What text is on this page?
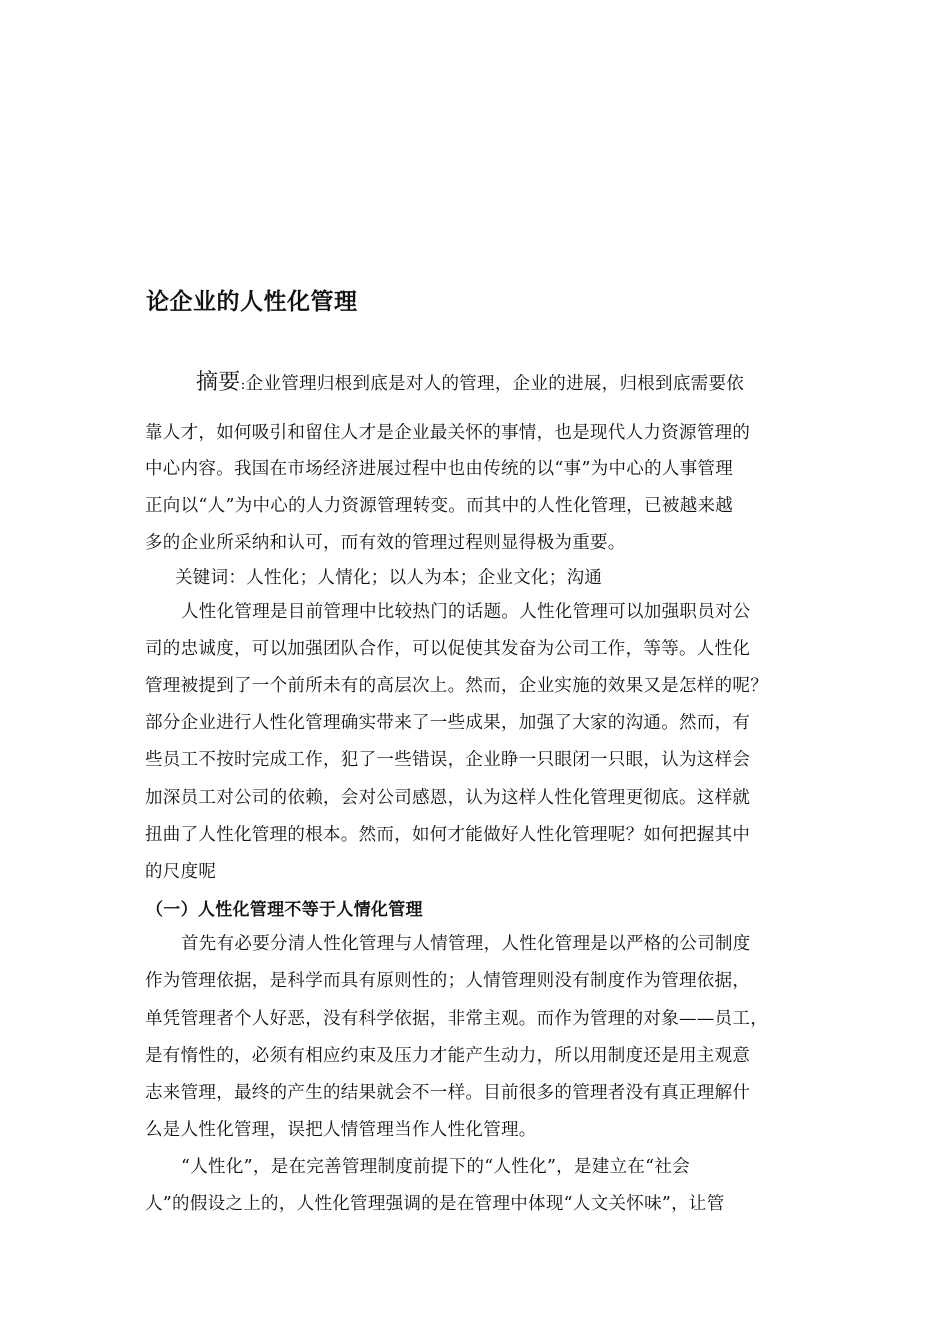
论企业的人性化管理
摘要:企业管理归根到底是对人的管理，企业的进展，归根到底需要依
靠人才，如何吸引和留住人才是企业最关怀的事情，也是现代人力资源管理的
中心内容。我国在市场经济进展过程中也由传统的以“事”为中心的人事管理
正向以“人”为中心的人力资源管理转变。而其中的人性化管理，已被越来越
多的企业所采纳和认可，而有效的管理过程则显得极为重要。
关键词：人性化；人情化；以人为本；企业文化；沟通
人性化管理是目前管理中比较热门的话题。人性化管理可以加强职员对公
司的忠诚度，可以加强团队合作，可以促使其发奋为公司工作，等等。人性化
管理被提到了一个前所未有的高层次上。然而，企业实施的效果又是怎样的呢？
部分企业进行人性化管理确实带来了一些成果，加强了大家的沟通。然而，有
些员工不按时完成工作，犯了一些错误，企业睁一只眼闭一只眼，认为这样会
加深员工对公司的依赖，会对公司感恩，认为这样人性化管理更彻底。这样就
扭曲了人性化管理的根本。然而，如何才能做好人性化管理呢？如何把握其中
的尺度呢
（一）人性化管理不等于人情化管理
首先有必要分清人性化管理与人情管理，人性化管理是以严格的公司制度
作为管理依据，是科学而具有原则性的；人情管理则没有制度作为管理依据，
单凭管理者个人好恶，没有科学依据，非常主观。而作为管理的对象——员工，
是有惰性的，必须有相应约束及压力才能产生动力，所以用制度还是用主观意
志来管理，最终的产生的结果就会不一样。目前很多的管理者没有真正理解什
么是人性化管理，误把人情管理当作人性化管理。
“人性化”，是在完善管理制度前提下的“人性化”，是建立在“社会
人”的假设之上的，人性化管理强调的是在管理中体现“人文关怀味”，让管
